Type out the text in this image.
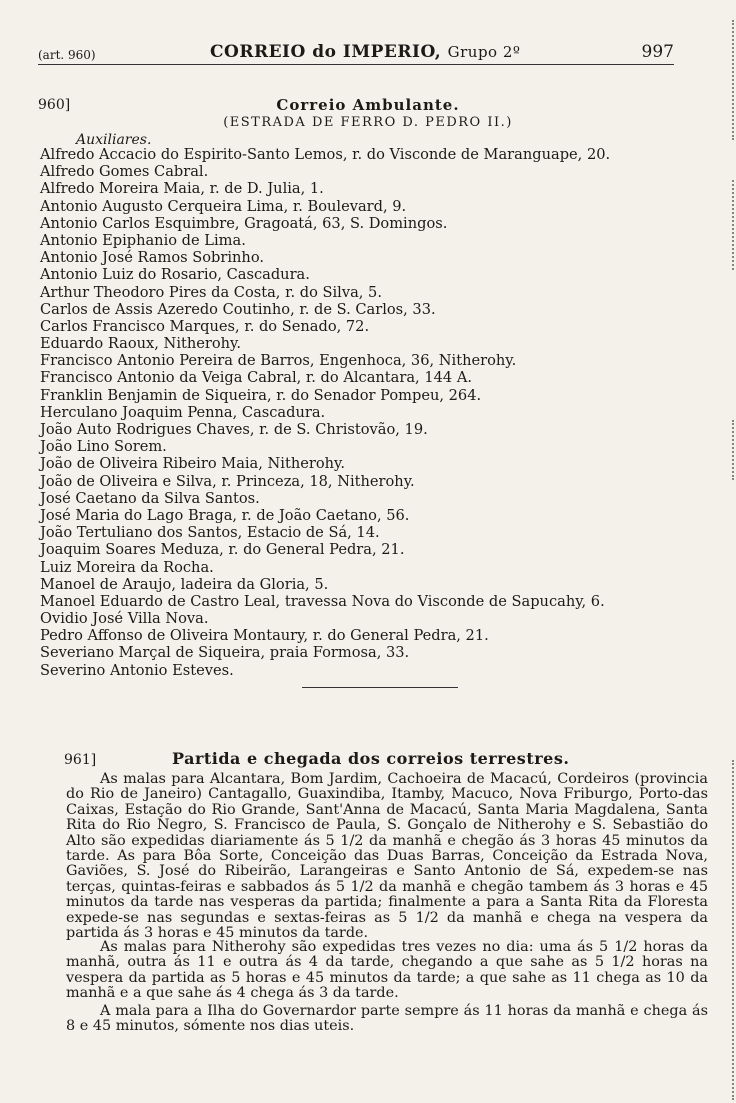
(art. 960)	CORREIO do IMPERIO, Grupo 2º	997
960]	Correio Ambulante.
(ESTRADA DE FERRO D. PEDRO II.)
Auxiliares.
Alfredo Accacio do Espirito-Santo Lemos, r. do Visconde de Maranguape, 20.
Alfredo Gomes Cabral.
Alfredo Moreira Maia, r. de D. Julia, 1.
Antonio Augusto Cerqueira Lima, r. Boulevard, 9.
Antonio Carlos Esquimbre, Gragoatá, 63, S. Domingos.
Antonio Epiphanio de Lima.
Antonio José Ramos Sobrinho.
Antonio Luiz do Rosario, Cascadura.
Arthur Theodoro Pires da Costa, r. do Silva, 5.
Carlos de Assis Azeredo Coutinho, r. de S. Carlos, 33.
Carlos Francisco Marques, r. do Senado, 72.
Eduardo Raoux, Nitherohy.
Francisco Antonio Pereira de Barros, Engenhoca, 36, Nitherohy.
Francisco Antonio da Veiga Cabral, r. do Alcantara, 144 A.
Franklin Benjamin de Siqueira, r. do Senador Pompeu, 264.
Herculano Joaquim Penna, Cascadura.
João Auto Rodrigues Chaves, r. de S. Christovão, 19.
João Lino Sorem.
João de Oliveira Ribeiro Maia, Nitherohy.
João de Oliveira e Silva, r. Princeza, 18, Nitherohy.
José Caetano da Silva Santos.
José Maria do Lago Braga, r. de João Caetano, 56.
João Tertuliano dos Santos, Estacio de Sá, 14.
Joaquim Soares Meduza, r. do General Pedra, 21.
Luiz Moreira da Rocha.
Manoel de Araujo, ladeira da Gloria, 5.
Manoel Eduardo de Castro Leal, travessa Nova do Visconde de Sapucahy, 6.
Ovidio José Villa Nova.
Pedro Affonso de Oliveira Montaury, r. do General Pedra, 21.
Severiano Marçal de Siqueira, praia Formosa, 33.
Severino Antonio Esteves.
961]	Partida e chegada dos correios terrestres.

As malas para Alcantara, Bom Jardim, Cachoeira de Macacú, Cordeiros (provincia do Rio de Janeiro) Cantagallo, Guaxindiba, Itamby, Macuco, Nova Friburgo, Porto-das Caixas, Estação do Rio Grande, Sant'Anna de Macacú, Santa Maria Magdalena, Santa Rita do Rio Negro, S. Francisco de Paula, S. Gonçalo de Nitherohy e S. Sebastião do Alto são expedidas diariamente ás 5 1/2 da manhã e chegão ás 3 horas 45 minutos da tarde. As para Bôa Sorte, Conceição das Duas Barras, Conceição da Estrada Nova, Gaviões, S. José do Ribeirão, Larangeiras e Santo Antonio de Sá, expedem-se nas terças, quintas-feiras e sabbados ás 5 1/2 da manhã e chegão tambem ás 3 horas e 45 minutos da tarde nas vesperas da partida; finalmente a para a Santa Rita da Floresta expede-se nas segundas e sextas-feiras as 5 1/2 da manhã e chega na vespera da partida ás 3 horas e 45 minutos da tarde.

As malas para Nitherohy são expedidas tres vezes no dia: uma ás 5 1/2 horas da manhã, outra ás 11 e outra ás 4 da tarde, chegando a que sahe as 5 1/2 horas na vespera da partida as 5 horas e 45 minutos da tarde; a que sahe as 11 chega as 10 da manhã e a que sahe ás 4 chega ás 3 da tarde.

A mala para a Ilha do Governardor parte sempre ás 11 horas da manhã e chega ás 8 e 45 minutos, sómente nos dias uteis.
